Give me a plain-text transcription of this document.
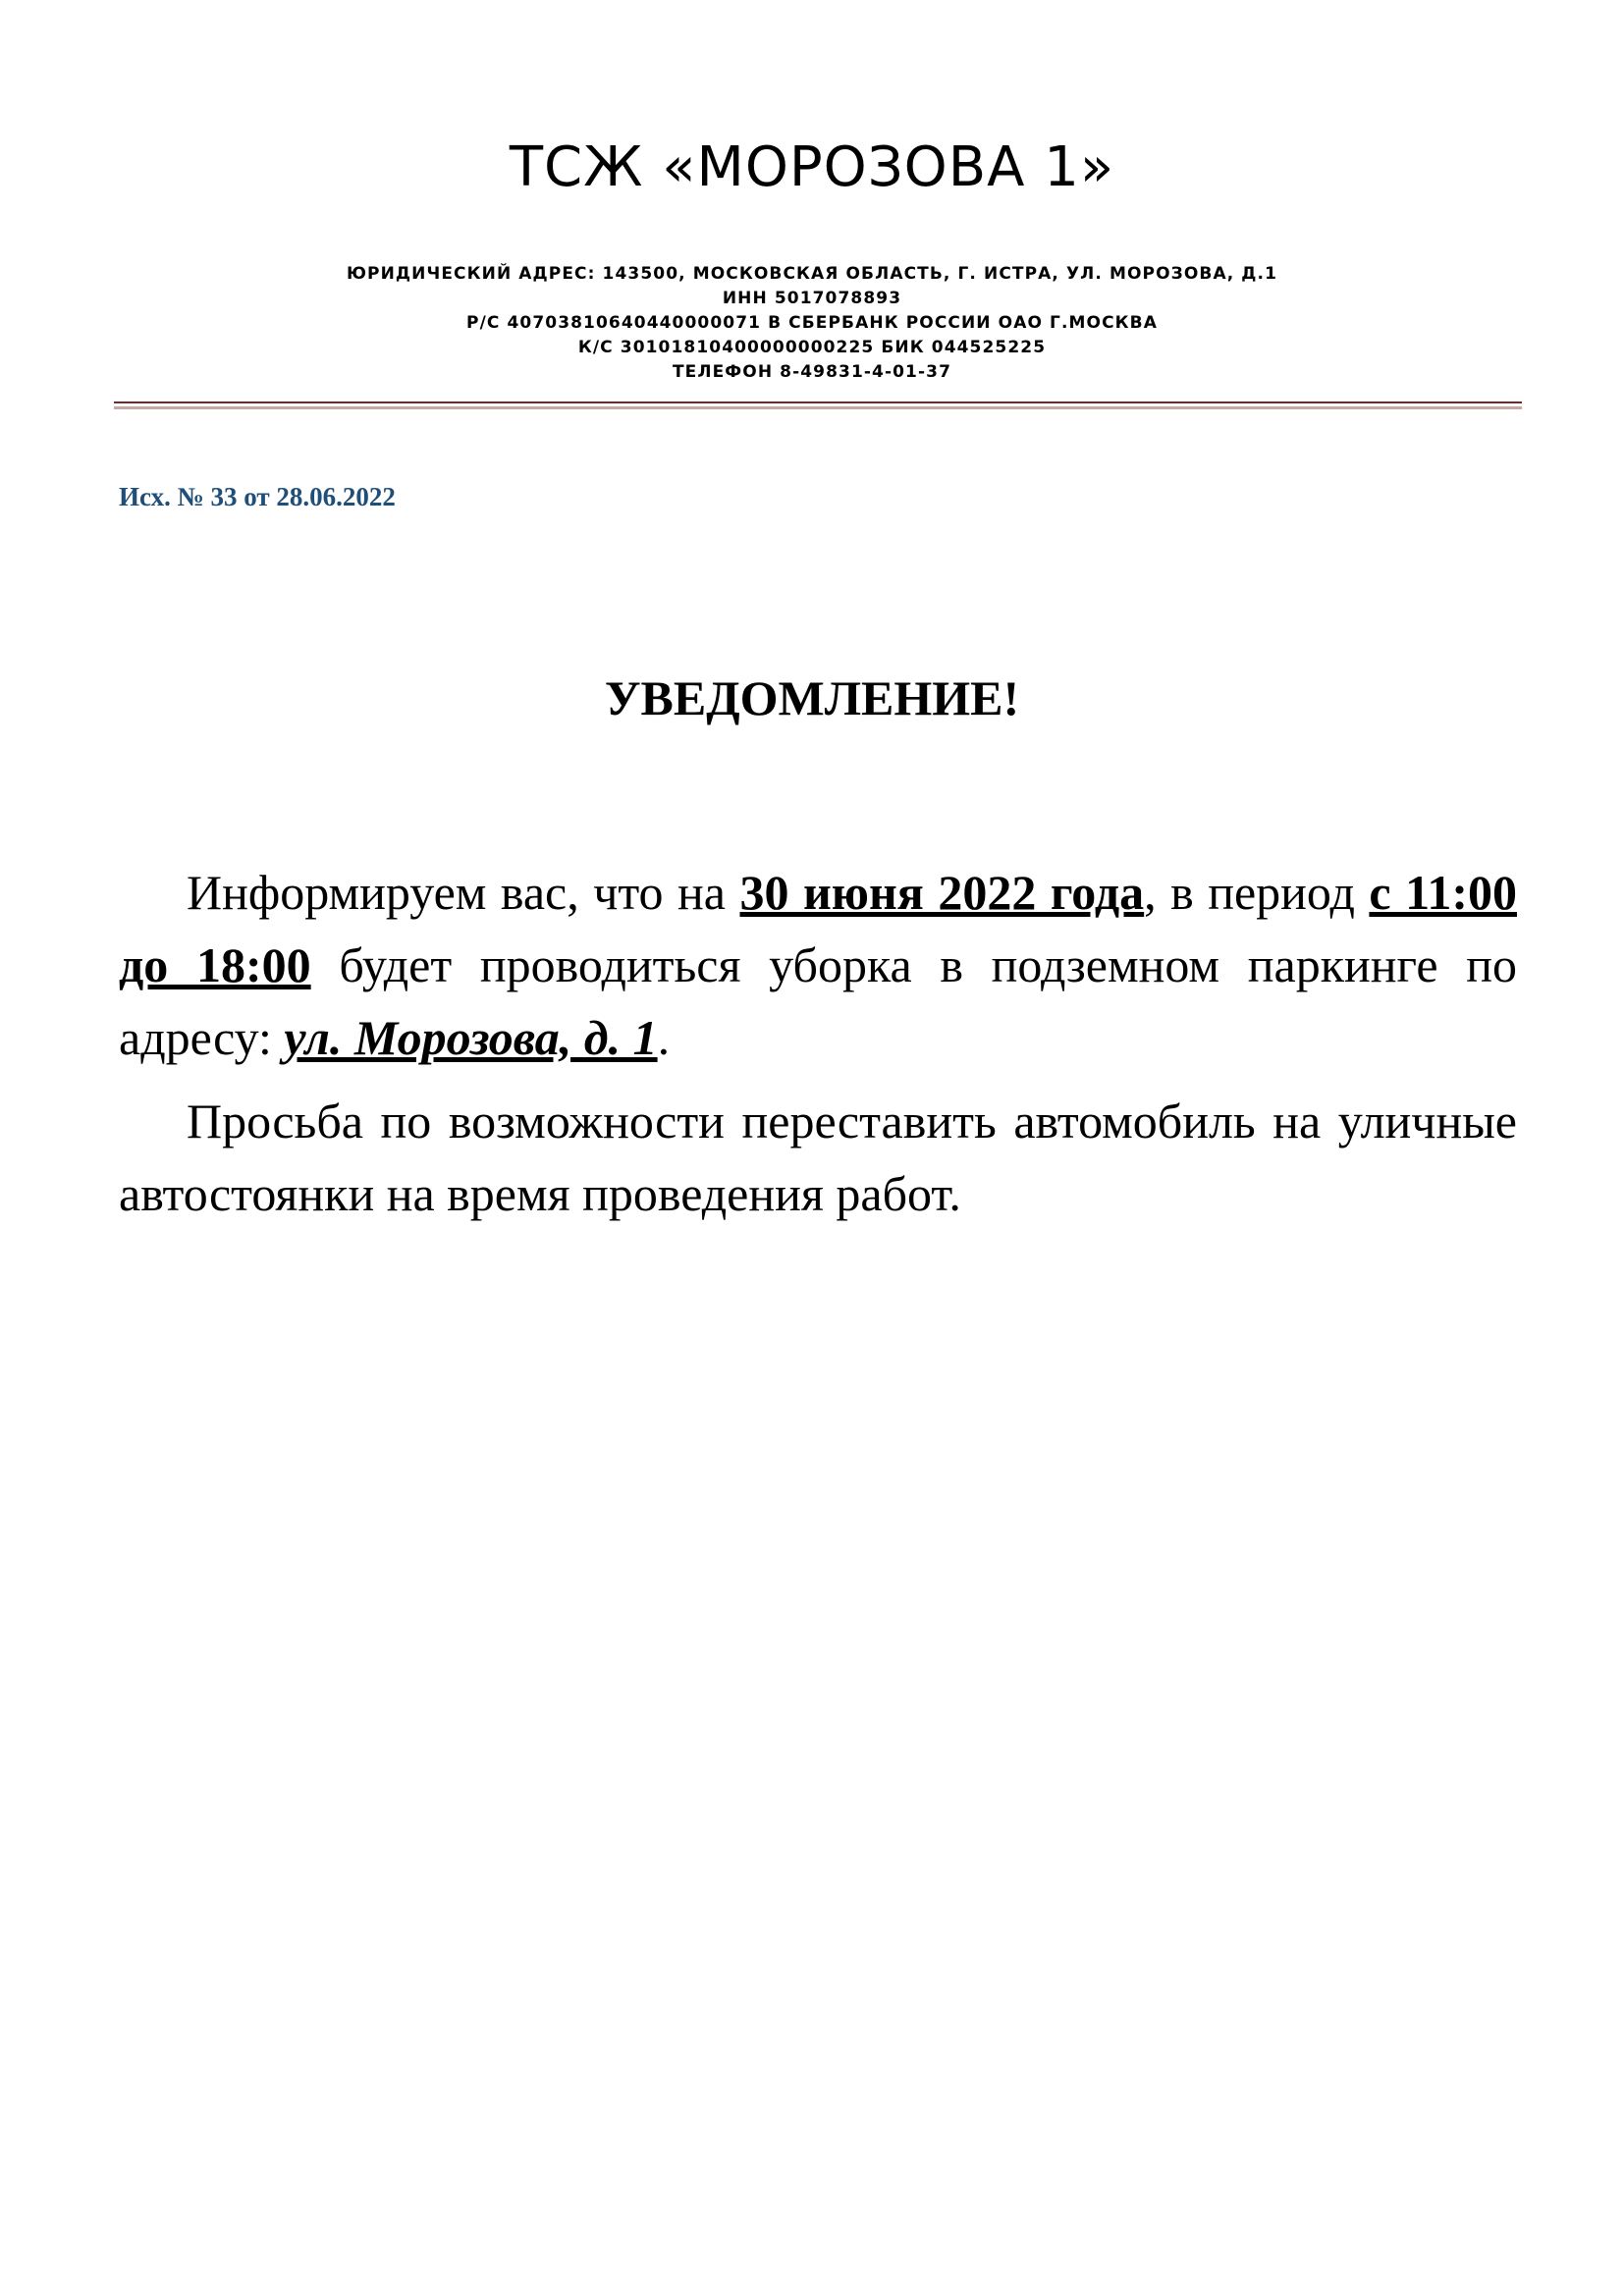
ТСЖ «МОРОЗОВА 1»
ЮРИДИЧЕСКИЙ АДРЕС: 143500, МОСКОВСКАЯ ОБЛАСТЬ, Г. ИСТРА, УЛ. МОРОЗОВА, Д.1
ИНН 5017078893
Р/С 40703810640440000071 В СБЕРБАНК РОССИИ ОАО Г.МОСКВА
К/С 30101810400000000225 БИК 044525225
ТЕЛЕФОН 8-49831-4-01-37
Исх. № 33 от 28.06.2022
УВЕДОМЛЕНИЕ!

Информируем вас, что на 30 июня 2022 года, в период с 11:00 до 18:00 будет проводиться уборка в подземном паркинге по адресу: ул. Морозова, д. 1.

Просьба по возможности переставить автомобиль на уличные автостоянки на время проведения работ.
